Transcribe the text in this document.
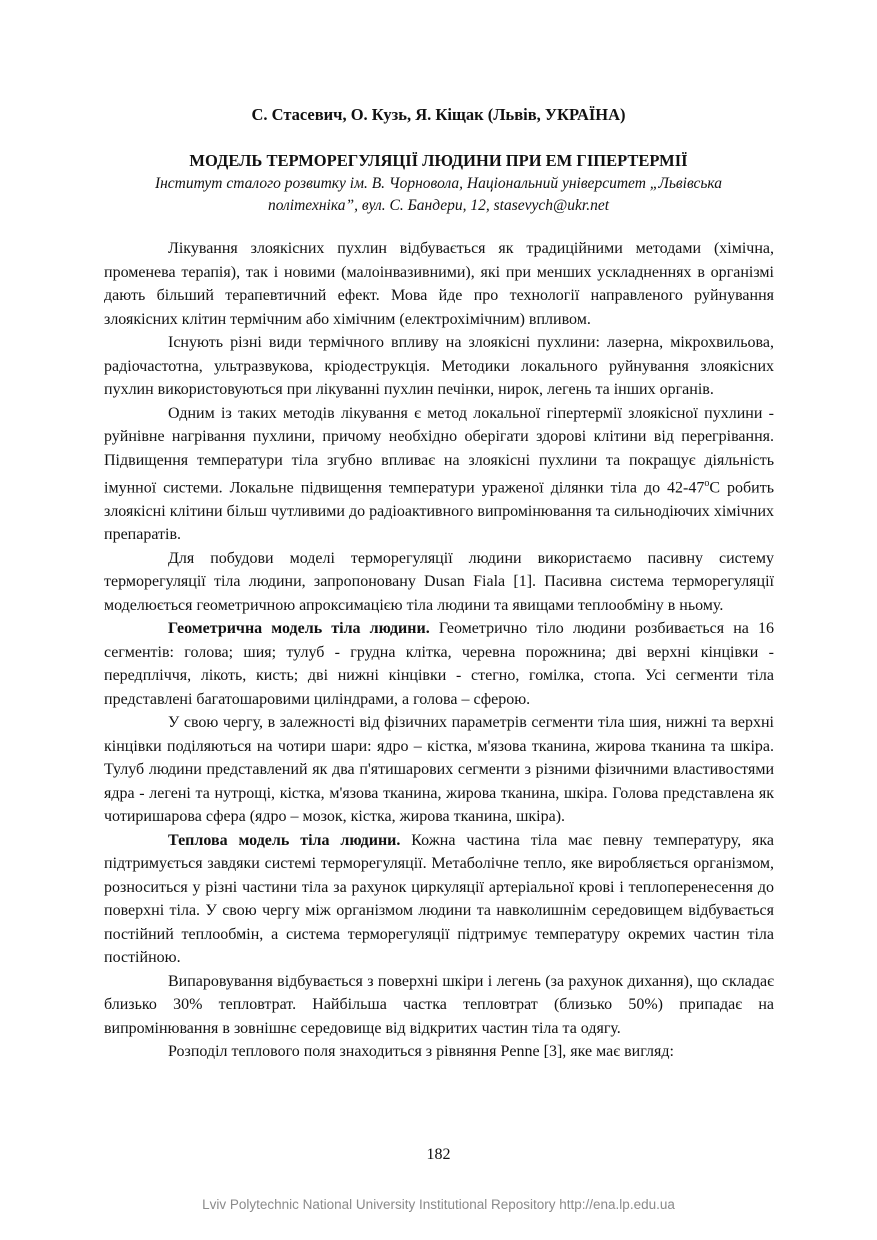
С. Стасевич, О. Кузь, Я. Кіщак (Львів, УКРАЇНА)
МОДЕЛЬ ТЕРМОРЕГУЛЯЦІЇ ЛЮДИНИ ПРИ ЕМ ГІПЕРТЕРМІЇ
Інститут сталого розвитку ім. В. Чорновола, Національний університет „Львівська
політехніка”, вул. С. Бандери, 12, stasevych@ukr.net

Лікування злоякісних пухлин відбувається як традиційними методами (хімічна, променева терапія), так і новими (малоінвазивними), які при менших ускладненнях в організмі дають більший терапевтичний ефект. Мова йде про технології направленого руйнування злоякісних клітин термічним або хімічним (електрохімічним) впливом.

Існують різні види термічного впливу на злоякісні пухлини: лазерна, мікрохвильова, радіочастотна, ультразвукова, кріодеструкція. Методики локального руйнування злоякісних пухлин використовуються при лікуванні пухлин печінки, нирок, легень та інших органів.

Одним із таких методів лікування є метод локальної гіпертермії злоякісної пухлини - руйнівне нагрівання пухлини, причому необхідно оберігати здорові клітини від перегрівання. Підвищення температури тіла згубно впливає на злоякісні пухлини та покращує діяльність імунної системи. Локальне підвищення температури ураженої ділянки тіла до 42-47$^o$C робить злоякісні клітини більш чутливими до радіоактивного випромінювання та сильнодіючих хімічних препаратів.

Для побудови моделі терморегуляції людини використаємо пасивну систему терморегуляції тіла людини, запропоновану Dusan Fiala [1]. Пасивна система терморегуляції моделюється геометричною апроксимацією тіла людини та явищами теплообміну в ньому.

Геометрична модель тіла людини. Геометрично тіло людини розбивається на 16 сегментів: голова; шия; тулуб - грудна клітка, черевна порожнина; дві верхні кінцівки - передпліччя, лікоть, кисть; дві нижні кінцівки - стегно, гомілка, стопа. Усі сегменти тіла представлені багатошаровими циліндрами, а голова – сферою.

У свою чергу, в залежності від фізичних параметрів сегменти тіла шия, нижні та верхні кінцівки поділяються на чотири шари: ядро – кістка, м'язова тканина, жирова тканина та шкіра. Тулуб людини представлений як два п'ятишарових сегменти з різними фізичними властивостями ядра - легені та нутрощі, кістка, м'язова тканина, жирова тканина, шкіра. Голова представлена як чотиришарова сфера (ядро – мозок, кістка, жирова тканина, шкіра).

Теплова модель тіла людини. Кожна частина тіла має певну температуру, яка підтримується завдяки системі терморегуляції. Метаболічне тепло, яке виробляється організмом, розноситься у різні частини тіла за рахунок циркуляції артеріальної крові і теплоперенесення до поверхні тіла. У свою чергу між організмом людини та навколишнім середовищем відбувається постійний теплообмін, а система терморегуляції підтримує температуру окремих частин тіла постійною.

Випаровування відбувається з поверхні шкіри і легень (за рахунок дихання), що складає близько 30% тепловтрат. Найбільша частка тепловтрат (близько 50%) припадає на випромінювання в зовнішнє середовище від відкритих частин тіла та одягу.

Розподіл теплового поля знаходиться з рівняння Pennе [3], яке має вигляд:

182
Lviv Polytechnic National University Institutional Repository http://ena.lp.edu.ua
